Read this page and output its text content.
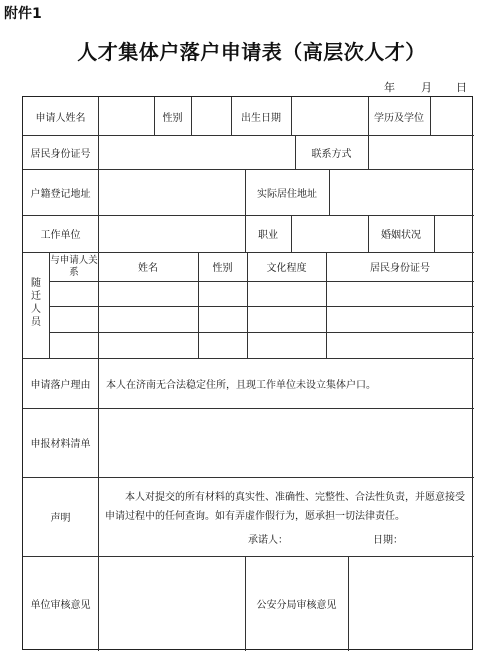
附件1
人才集体户落户申请表（高层次人才）
年 月 日
申请人姓名	性别	出生日期	学历及学位
居民身份证号	联系方式
户籍登记地址	实际居住地址
工作单位	职业	婚姻状况
随迁人员
与申请人关系	姓名	性别	文化程度	居民身份证号
申请落户理由	本人在济南无合法稳定住所，且现工作单位未设立集体户口。
申报材料清单
声明
本人对提交的所有材料的真实性、准确性、完整性、合法性负责，并愿意接受申请过程中的任何查询。如有弄虚作假行为，愿承担一切法律责任。
承诺人：	日期：
单位审核意见	公安分局审核意见
